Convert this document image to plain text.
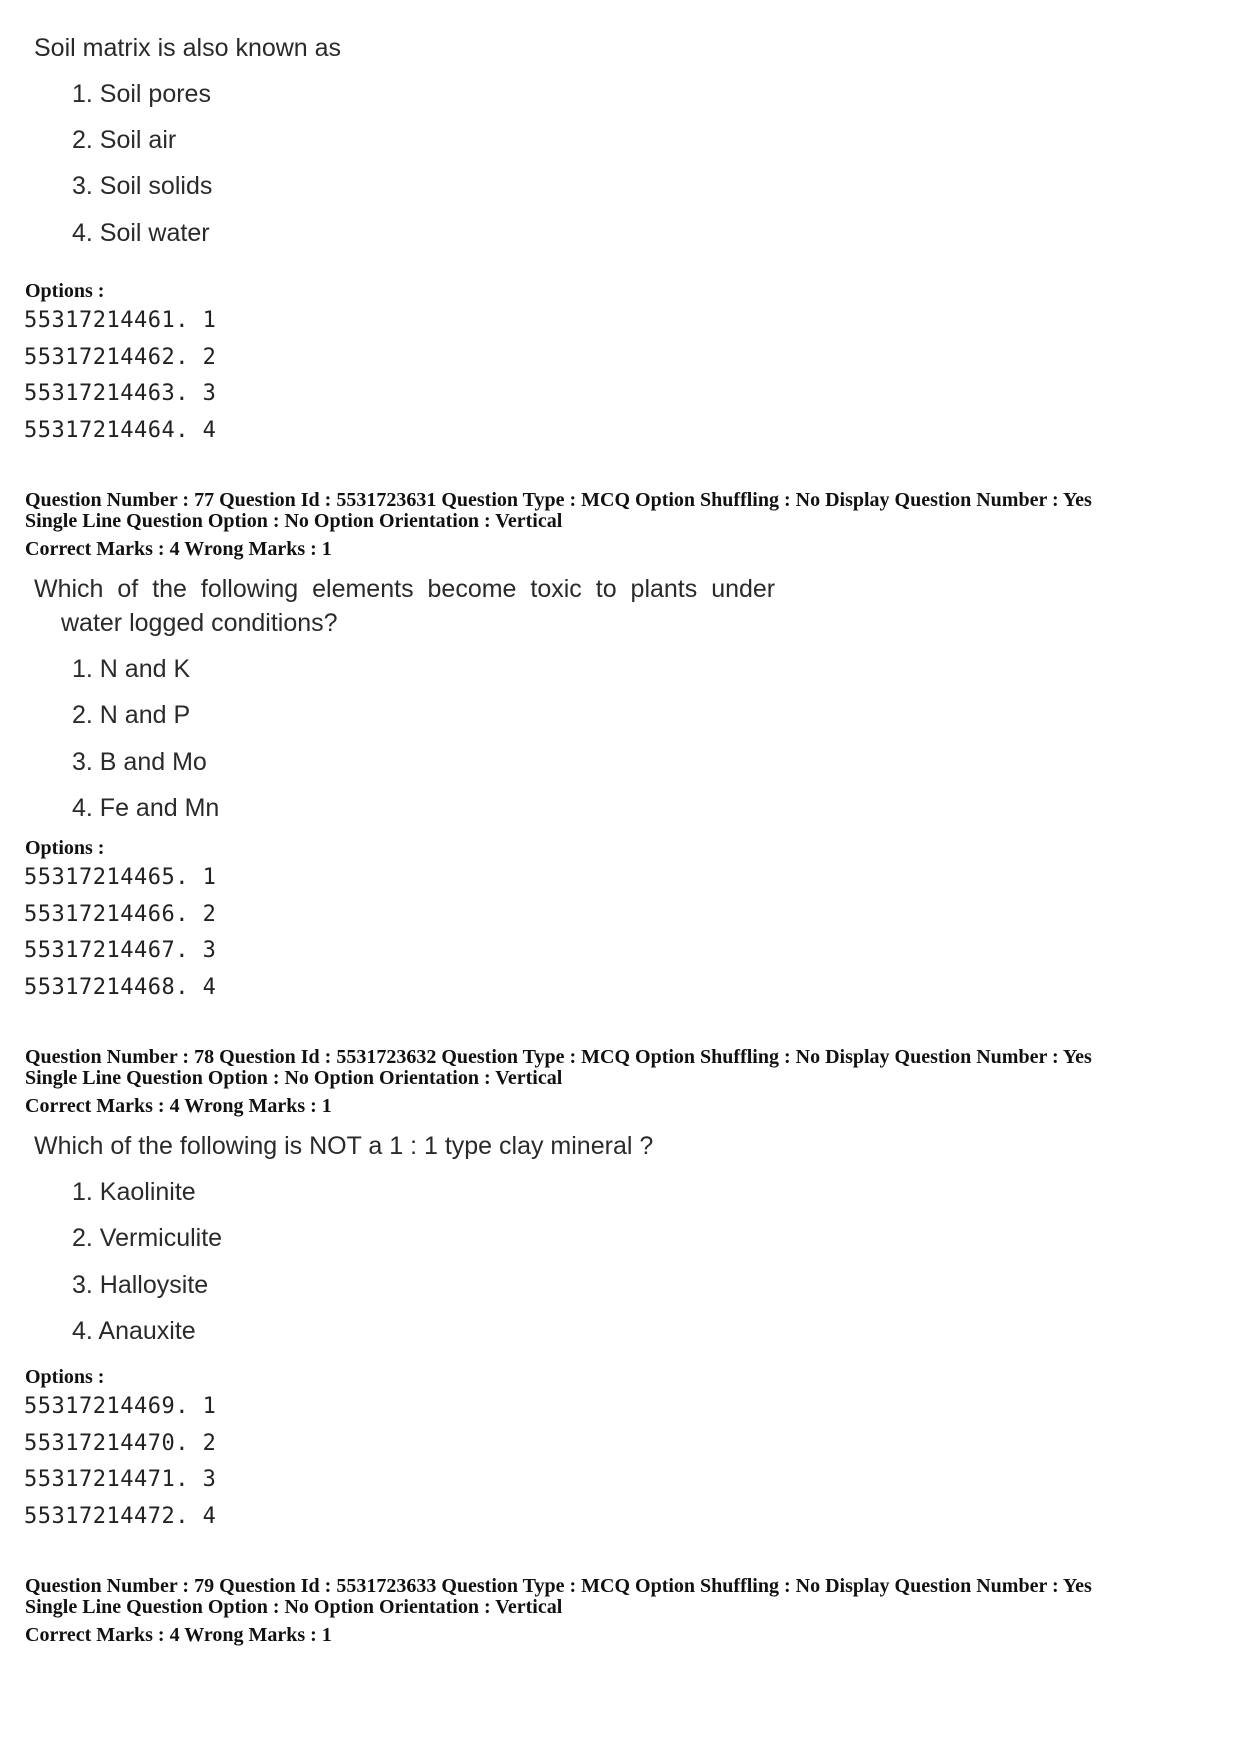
Soil matrix is also known as
1. Soil pores
2. Soil air
3. Soil solids
4. Soil water
Options :
55317214461. 1
55317214462. 2
55317214463. 3
55317214464. 4
Question Number : 77 Question Id : 5531723631 Question Type : MCQ Option Shuffling : No Display Question Number : Yes
Single Line Question Option : No Option Orientation : Vertical
Correct Marks : 4 Wrong Marks : 1
Which of the following elements become toxic to plants under
water logged conditions?
1. N and K
2. N and P
3. B and Mo
4. Fe and Mn
Options :
55317214465. 1
55317214466. 2
55317214467. 3
55317214468. 4
Question Number : 78 Question Id : 5531723632 Question Type : MCQ Option Shuffling : No Display Question Number : Yes
Single Line Question Option : No Option Orientation : Vertical
Correct Marks : 4 Wrong Marks : 1
Which of the following is NOT a 1 : 1 type clay mineral ?
1. Kaolinite
2. Vermiculite
3. Halloysite
4. Anauxite
Options :
55317214469. 1
55317214470. 2
55317214471. 3
55317214472. 4
Question Number : 79 Question Id : 5531723633 Question Type : MCQ Option Shuffling : No Display Question Number : Yes
Single Line Question Option : No Option Orientation : Vertical
Correct Marks : 4 Wrong Marks : 1
